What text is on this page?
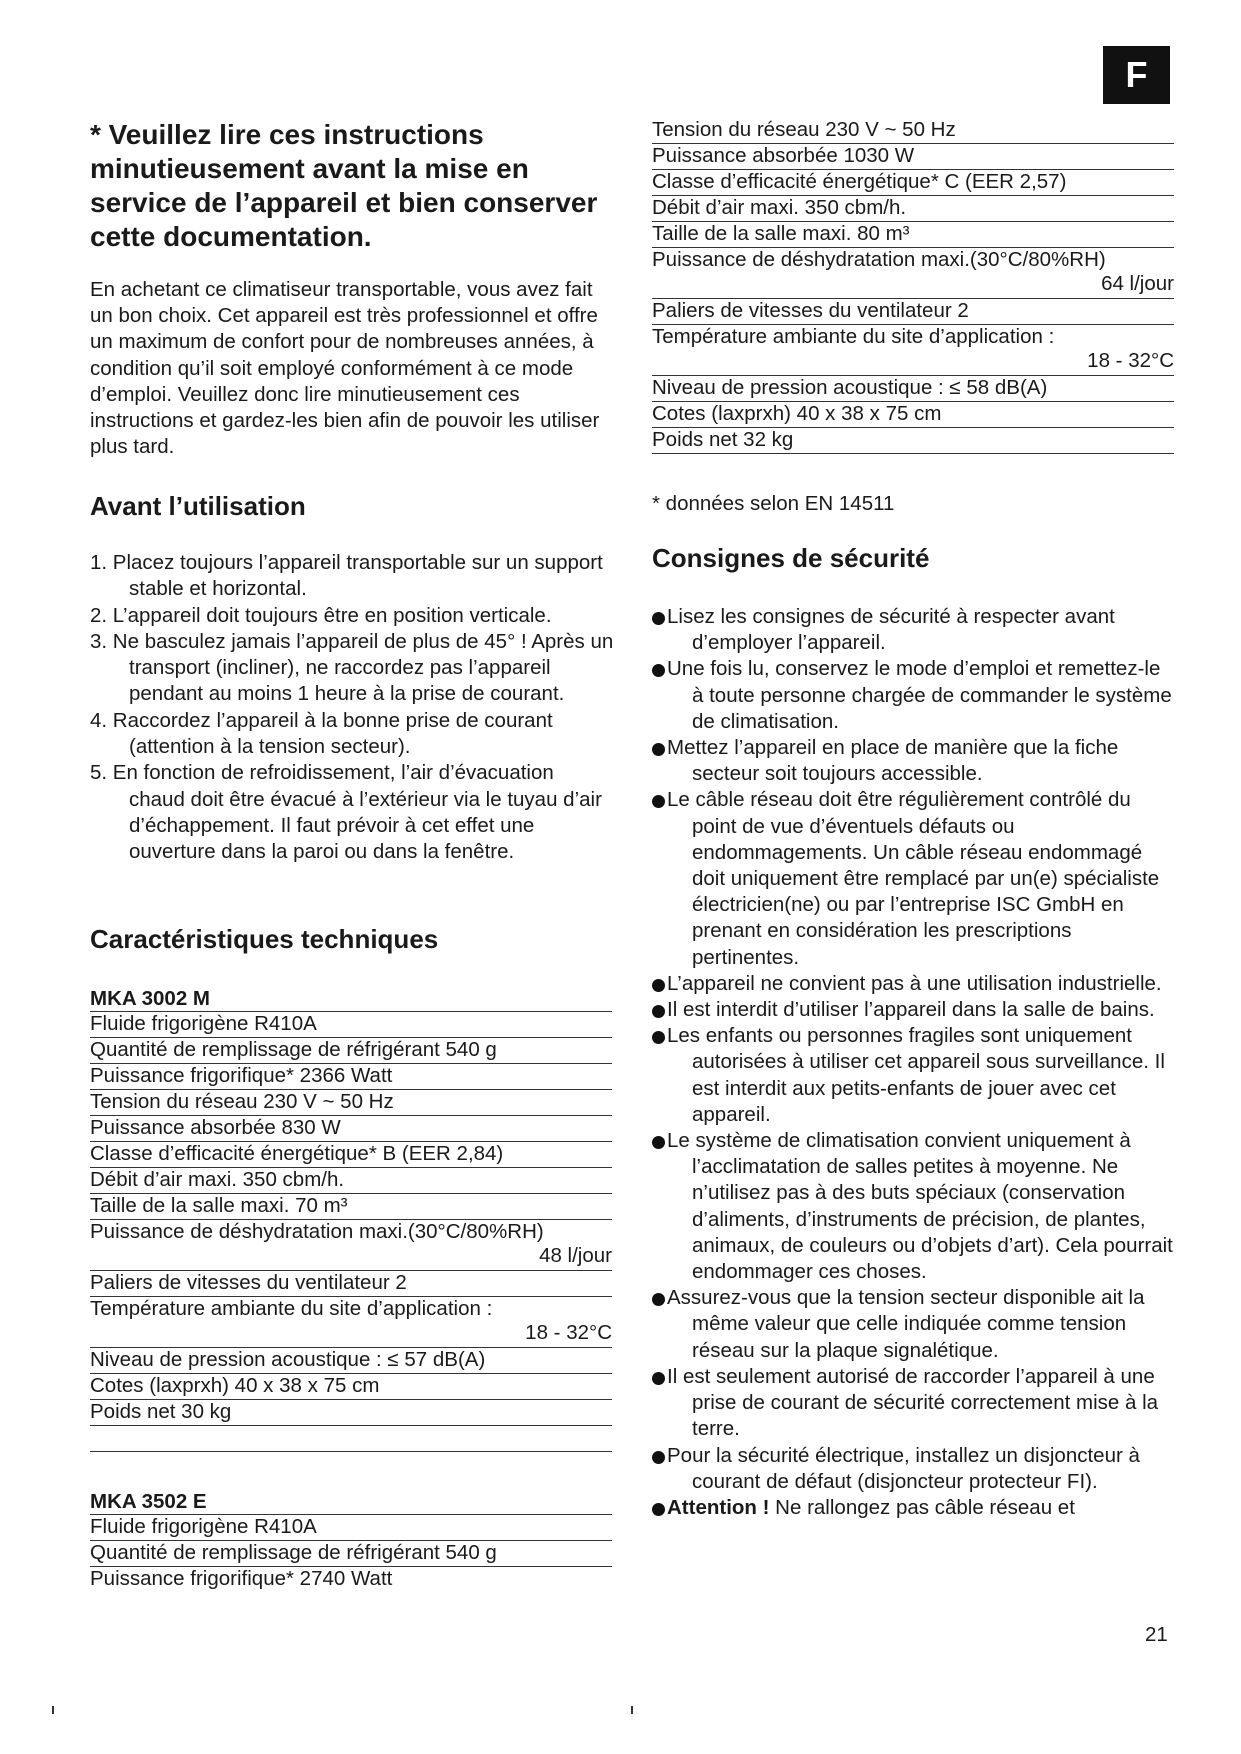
F

* Veuillez lire ces instructions minutieusement avant la mise en service de l’appareil et bien conserver cette documentation.

En achetant ce climatiseur transportable, vous avez fait un bon choix. Cet appareil est très professionnel et offre un maximum de confort pour de nombreuses années, à condition qu’il soit employé conformément à ce mode d’emploi. Veuillez donc lire minutieusement ces instructions et gardez-les bien afin de pouvoir les utiliser plus tard.

Avant l’utilisation
1. Placez toujours l’appareil transportable sur un support stable et horizontal.
2. L’appareil doit toujours être en position verticale.
3. Ne basculez jamais l’appareil de plus de 45° ! Après un transport (incliner), ne raccordez pas l’appareil pendant au moins 1 heure à la prise de courant.
4. Raccordez l’appareil à la bonne prise de courant (attention à la tension secteur).
5. En fonction de refroidissement, l’air d’évacuation chaud doit être évacué à l’extérieur via le tuyau d’air d’échappement. Il faut prévoir à cet effet une ouverture dans la paroi ou dans la fenêtre.
Caractéristiques techniques
MKA 3002 M
Fluide frigorigène R410A
Quantité de remplissage de réfrigérant 540 g
Puissance frigorifique* 2366 Watt
Tension du réseau 230 V ~ 50 Hz
Puissance absorbée 830 W
Classe d’efficacité énergétique* B (EER 2,84)
Débit d’air maxi. 350 cbm/h.
Taille de la salle maxi. 70 m³
Puissance de déshydratation maxi.(30°C/80%RH)
48 l/jour
Paliers de vitesses du ventilateur 2
Température ambiante du site d’application :
18 - 32°C
Niveau de pression acoustique : ≤ 57 dB(A)
Cotes (laxprxh) 40 x 38 x 75 cm
Poids net 30 kg
MKA 3502 E
Fluide frigorigène R410A
Quantité de remplissage de réfrigérant 540 g
Puissance frigorifique* 2740 Watt
Tension du réseau 230 V ~ 50 Hz
Puissance absorbée 1030 W
Classe d’efficacité énergétique* C (EER 2,57)
Débit d’air maxi. 350 cbm/h.
Taille de la salle maxi. 80 m³
Puissance de déshydratation maxi.(30°C/80%RH)
64 l/jour
Paliers de vitesses du ventilateur 2
Température ambiante du site d’application :
18 - 32°C
Niveau de pression acoustique : ≤ 58 dB(A)
Cotes (laxprxh) 40 x 38 x 75 cm
Poids net 32 kg
* données selon EN 14511
Consignes de sécurité
Lisez les consignes de sécurité à respecter avant d’employer l’appareil.
Une fois lu, conservez le mode d’emploi et remettez-le à toute personne chargée de commander le système de climatisation.
Mettez l’appareil en place de manière que la fiche secteur soit toujours accessible.
Le câble réseau doit être régulièrement contrôlé du point de vue d’éventuels défauts ou endommagements. Un câble réseau endommagé doit uniquement être remplacé par un(e) spécialiste électricien(ne) ou par l’entreprise ISC GmbH en prenant en considération les prescriptions pertinentes.
L’appareil ne convient pas à une utilisation industrielle.
Il est interdit d’utiliser l’appareil dans la salle de bains.
Les enfants ou personnes fragiles sont uniquement autorisées à utiliser cet appareil sous surveillance. Il est interdit aux petits-enfants de jouer avec cet appareil.
Le système de climatisation convient uniquement à l’acclimatation de salles petites à moyenne. Ne n’utilisez pas à des buts spéciaux (conservation d’aliments, d’instruments de précision, de plantes, animaux, de couleurs ou d’objets d’art). Cela pourrait endommager ces choses.
Assurez-vous que la tension secteur disponible ait la même valeur que celle indiquée comme tension réseau sur la plaque signalétique.
Il est seulement autorisé de raccorder l’appareil à une prise de courant de sécurité correctement mise à la terre.
Pour la sécurité électrique, installez un disjoncteur à courant de défaut (disjoncteur protecteur FI).
Attention ! Ne rallongez pas câble réseau et
21
